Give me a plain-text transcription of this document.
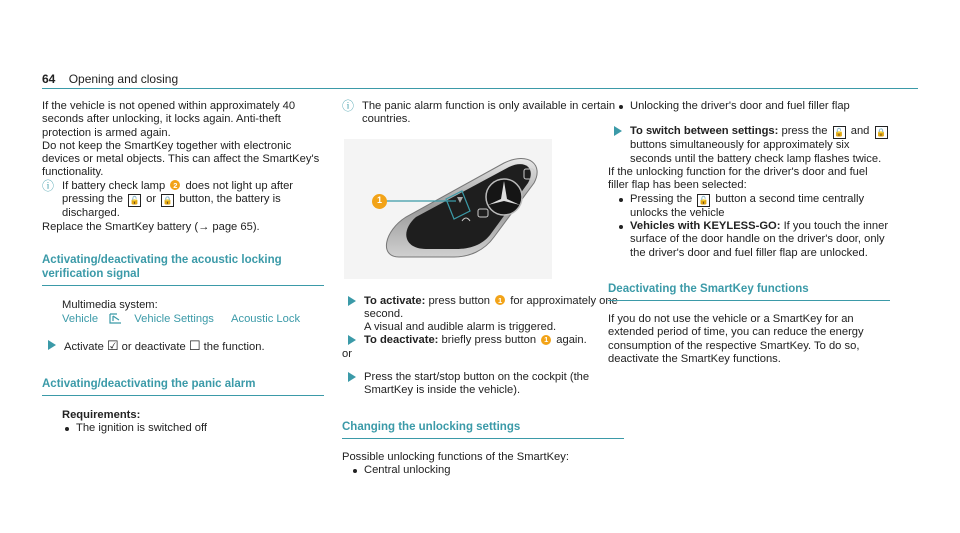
64 Opening and closing

If the vehicle is not opened within approximately 40 seconds after unlocking, it locks again. Anti-theft protection is armed again.

Do not keep the SmartKey together with electronic devices or metal objects. This can affect the SmartKey's functionality.

ⓘ If battery check lamp 2 does not light up after pressing the 🔓 or 🔒 button, the battery is discharged.

Replace the SmartKey battery (→ page 65).

Activating/deactivating the acoustic locking verification signal

Multimedia system:

Vehicle	Vehicle Settings Acoustic Lock

Activate ☑ or deactivate ☐ the function.

Activating/deactivating the panic alarm

Requirements:

The ignition is switched off

ⓘ The panic alarm function is only available in certain countries.

1

To activate: press button 1 for approximately one second.
A visual and audible alarm is triggered.

To deactivate: briefly press button 1 again.

or

Press the start/stop button on the cockpit (the SmartKey is inside the vehicle).

Changing the unlocking settings

Possible unlocking functions of the SmartKey:

Central unlocking

Unlocking the driver's door and fuel filler flap

To switch between settings: press the 🔓 and 🔒 buttons simultaneously for approximately six seconds until the battery check lamp flashes twice.

If the unlocking function for the driver's door and fuel filler flap has been selected:

Pressing the 🔓 button a second time centrally unlocks the vehicle

Vehicles with KEYLESS-GO: If you touch the inner surface of the door handle on the driver's door, only the driver's door and fuel filler flap are unlocked.

Deactivating the SmartKey functions

If you do not use the vehicle or a SmartKey for an extended period of time, you can reduce the energy consumption of the respective SmartKey. To do so, deactivate the SmartKey functions.
